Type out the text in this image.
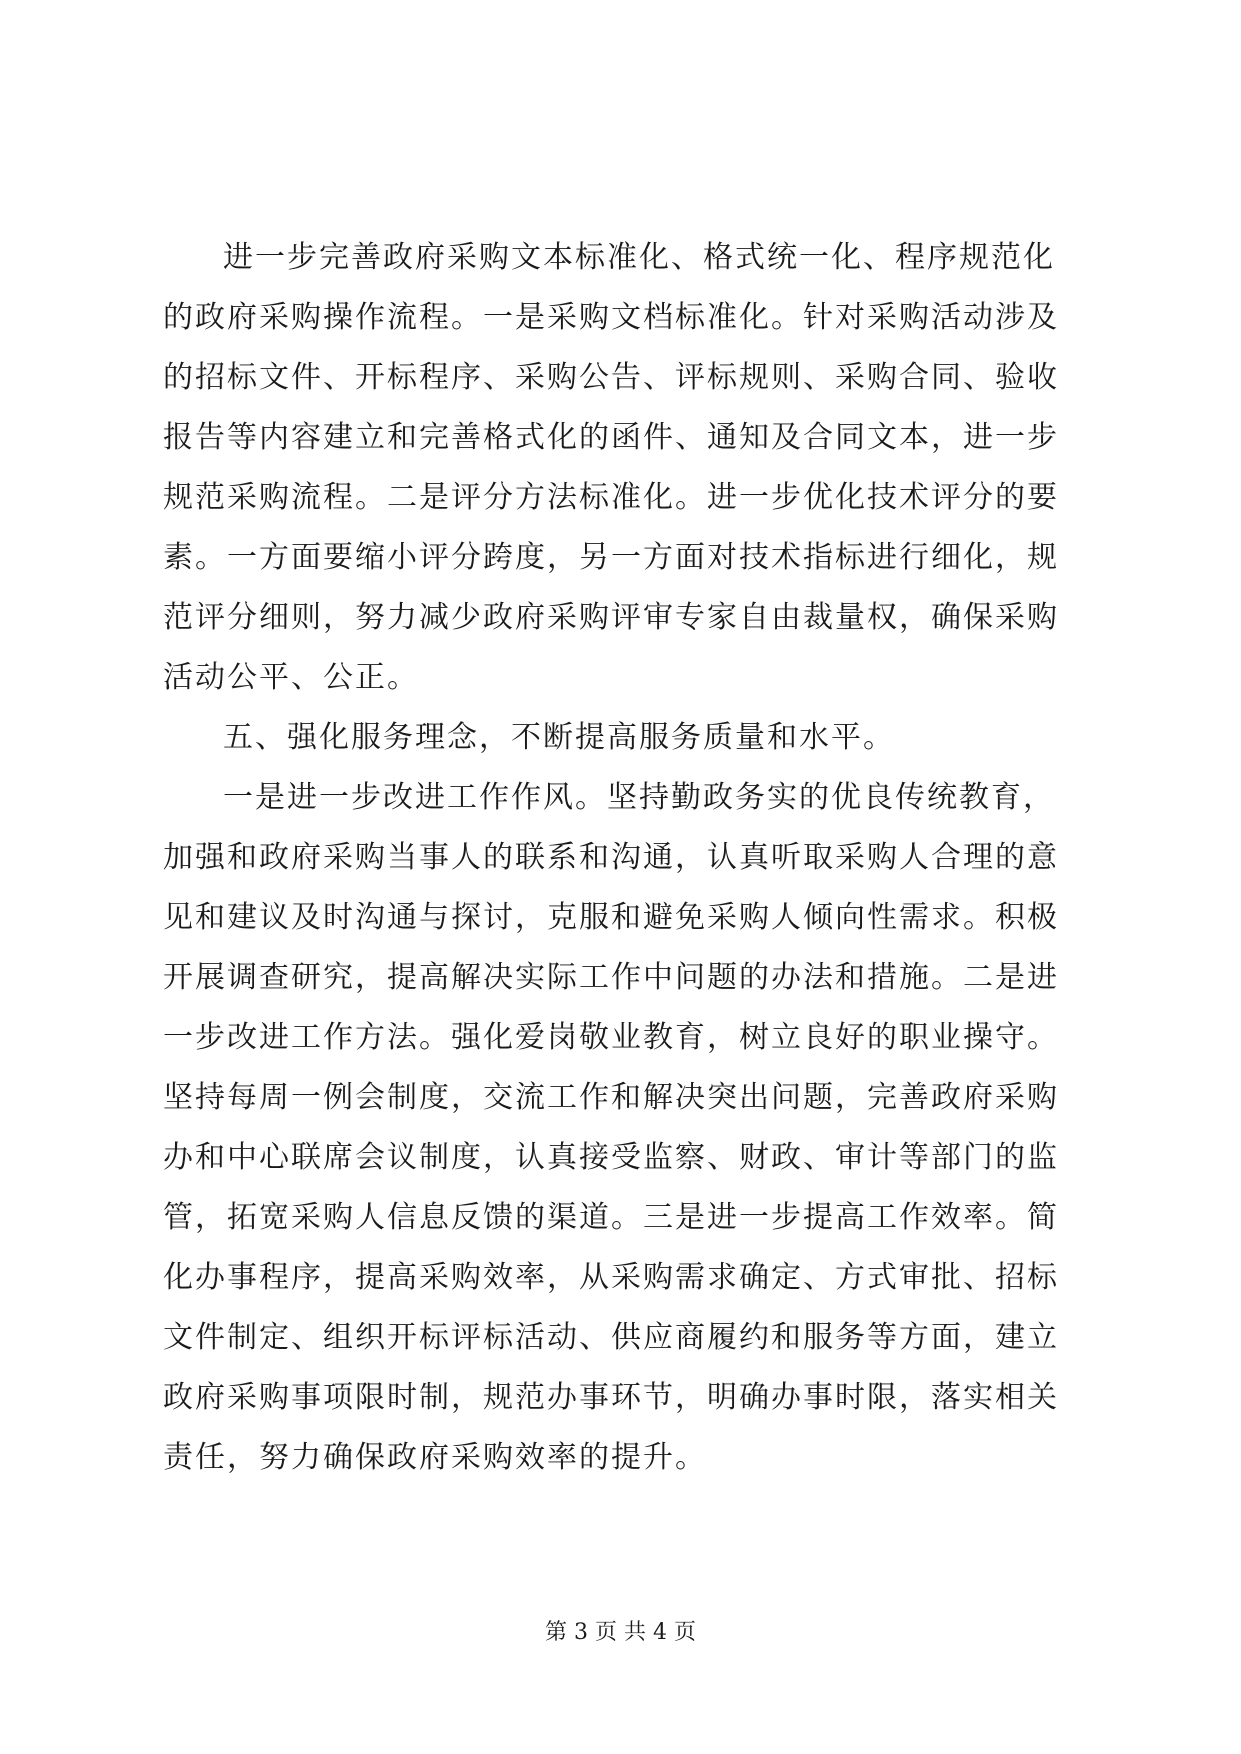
进一步完善政府采购文本标准化、格式统一化、程序规范化
的政府采购操作流程。一是采购文档标准化。针对采购活动涉及
的招标文件、开标程序、采购公告、评标规则、采购合同、验收
报告等内容建立和完善格式化的函件、通知及合同文本，进一步
规范采购流程。二是评分方法标准化。进一步优化技术评分的要
素。一方面要缩小评分跨度，另一方面对技术指标进行细化，规
范评分细则，努力减少政府采购评审专家自由裁量权，确保采购
活动公平、公正。
五、强化服务理念，不断提高服务质量和水平。
一是进一步改进工作作风。坚持勤政务实的优良传统教育，
加强和政府采购当事人的联系和沟通，认真听取采购人合理的意
见和建议及时沟通与探讨，克服和避免采购人倾向性需求。积极
开展调查研究，提高解决实际工作中问题的办法和措施。二是进
一步改进工作方法。强化爱岗敬业教育，树立良好的职业操守。
坚持每周一例会制度，交流工作和解决突出问题，完善政府采购
办和中心联席会议制度，认真接受监察、财政、审计等部门的监
管，拓宽采购人信息反馈的渠道。三是进一步提高工作效率。简
化办事程序，提高采购效率，从采购需求确定、方式审批、招标
文件制定、组织开标评标活动、供应商履约和服务等方面，建立
政府采购事项限时制，规范办事环节，明确办事时限，落实相关
责任，努力确保政府采购效率的提升。
第 3 页 共 4 页
